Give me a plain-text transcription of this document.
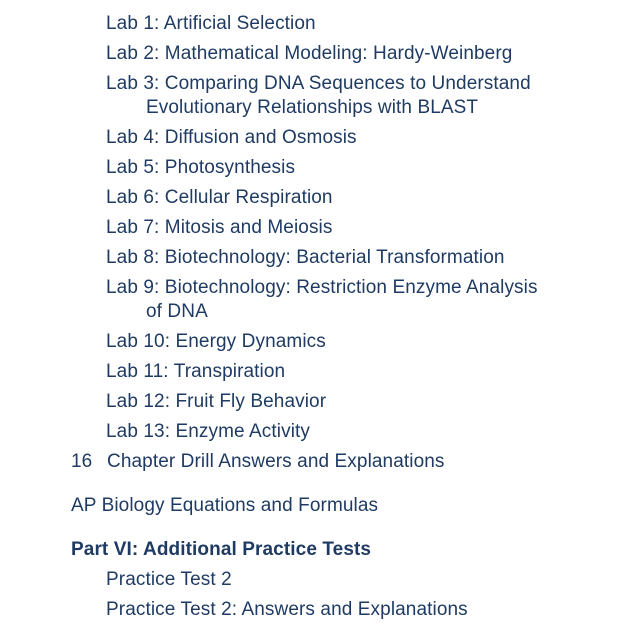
Lab 1: Artificial Selection
Lab 2: Mathematical Modeling: Hardy-Weinberg
Lab 3: Comparing DNA Sequences to Understand
Evolutionary Relationships with BLAST
Lab 4: Diffusion and Osmosis
Lab 5: Photosynthesis
Lab 6: Cellular Respiration
Lab 7: Mitosis and Meiosis
Lab 8: Biotechnology: Bacterial Transformation
Lab 9: Biotechnology: Restriction Enzyme Analysis
of DNA
Lab 10: Energy Dynamics
Lab 11: Transpiration
Lab 12: Fruit Fly Behavior
Lab 13: Enzyme Activity
16 Chapter Drill Answers and Explanations
AP Biology Equations and Formulas
Part VI: Additional Practice Tests
Practice Test 2
Practice Test 2: Answers and Explanations
